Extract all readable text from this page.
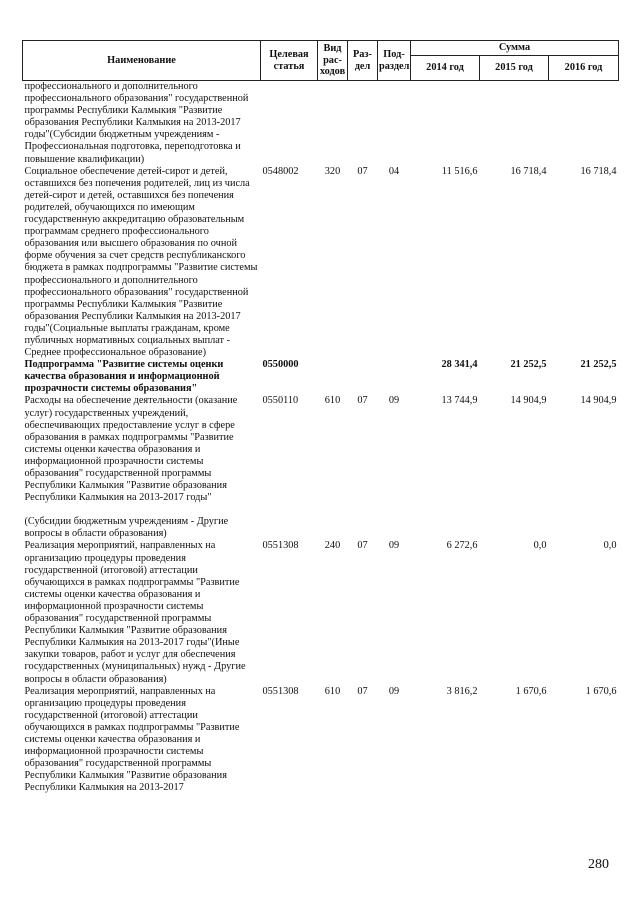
Наименование	Целевая статья	Вид рас-ходов	Раз-дел	Под-раздел	Сумма		
					2014 год	2015 год	2016 год
профессионального и дополнительного профессионального образования" государственной программы Республики Калмыкия "Развитие образования Республики Калмыкия на 2013-2017 годы"(Субсидии бюджетным учреждениям - Профессиональная подготовка, переподготовка и повышение квалификации)							
Социальное обеспечение детей-сирот и детей, оставшихся без попечения родителей, лиц из числа детей-сирот и детей, оставшихся без попечения родителей, обучающихся по имеющим государственную аккредитацию образовательным программам среднего профессионального образования или высшего образования по очной форме обучения за счет средств республиканского бюджета в рамках подпрограммы "Развитие системы профессионального и дополнительного профессионального образования" государственной программы Республики Калмыкия "Развитие образования Республики Калмыкия на 2013-2017 годы"(Социальные выплаты гражданам, кроме публичных нормативных социальных выплат - Среднее профессиональное образование)	0548002	320	07	04	11 516,6	16 718,4	16 718,4
Подпрограмма "Развитие системы оценки качества образования и информационной прозрачности системы образования"	0550000				28 341,4	21 252,5	21 252,5
Расходы на обеспечение деятельности (оказание услуг) государственных учреждений, обеспечивающих предоставление услуг в сфере образования в рамках подпрограммы "Развитие системы оценки качества образования и информационной прозрачности системы образования" государственной программы Республики Калмыкия "Развитие образования Республики Калмыкия на 2013-2017 годы"	0550110	610	07	09	13 744,9	14 904,9	14 904,9

(Субсидии бюджетным учреждениям - Другие вопросы в области образования)							
Реализация мероприятий, направленных на организацию процедуры проведения государственной (итоговой) аттестации обучающихся в рамках подпрограммы "Развитие системы оценки качества образования и информационной прозрачности системы образования" государственной программы Республики Калмыкия "Развитие образования Республики Калмыкия на 2013-2017 годы"(Иные закупки товаров, работ и услуг для обеспечения государственных (муниципальных) нужд - Другие вопросы в области образования)	0551308	240	07	09	6 272,6	0,0	0,0
Реализация мероприятий, направленных на организацию процедуры проведения государственной (итоговой) аттестации обучающихся в рамках подпрограммы "Развитие системы оценки качества образования и информационной прозрачности системы образования" государственной программы Республики Калмыкия "Развитие образования Республики Калмыкия на 2013-2017	0551308	610	07	09	3 816,2	1 670,6	1 670,6
280
